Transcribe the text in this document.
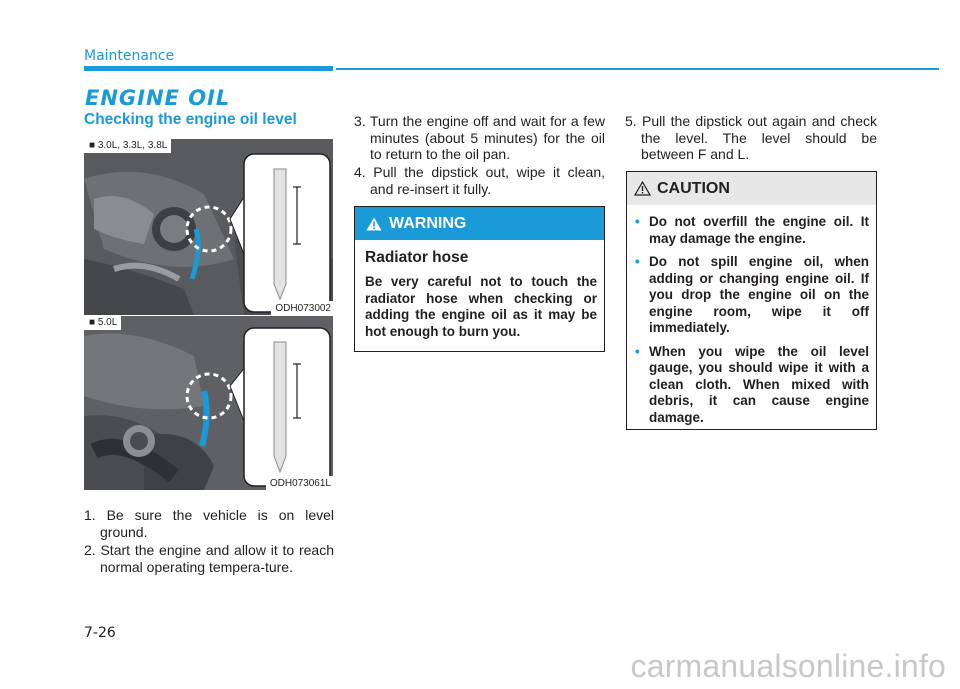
Maintenance
ENGINE OIL
Checking the engine oil level
■ 3.0L, 3.3L, 3.8L
ODH073002
■ 5.0L
ODH073061L
1. Be sure the vehicle is on level ground.
2. Start the engine and allow it to reach normal operating tempera-ture.
3. Turn the engine off and wait for a few minutes (about 5 minutes) for the oil to return to the oil pan.
4. Pull the dipstick out, wipe it clean, and re-insert it fully.
5. Pull the dipstick out again and check the level. The level should be between F and L.
WARNING
Radiator hose
Be very careful not to touch the radiator hose when checking or adding the engine oil as it may be hot enough to burn you.
CAUTION
• Do not overfill the engine oil. It may damage the engine.
• Do not spill engine oil, when adding or changing engine oil. If you drop the engine oil on the engine room, wipe it off immediately.
• When you wipe the oil level gauge, you should wipe it with a clean cloth. When mixed with debris, it can cause engine damage.
7-26
carmanualsonline.info
